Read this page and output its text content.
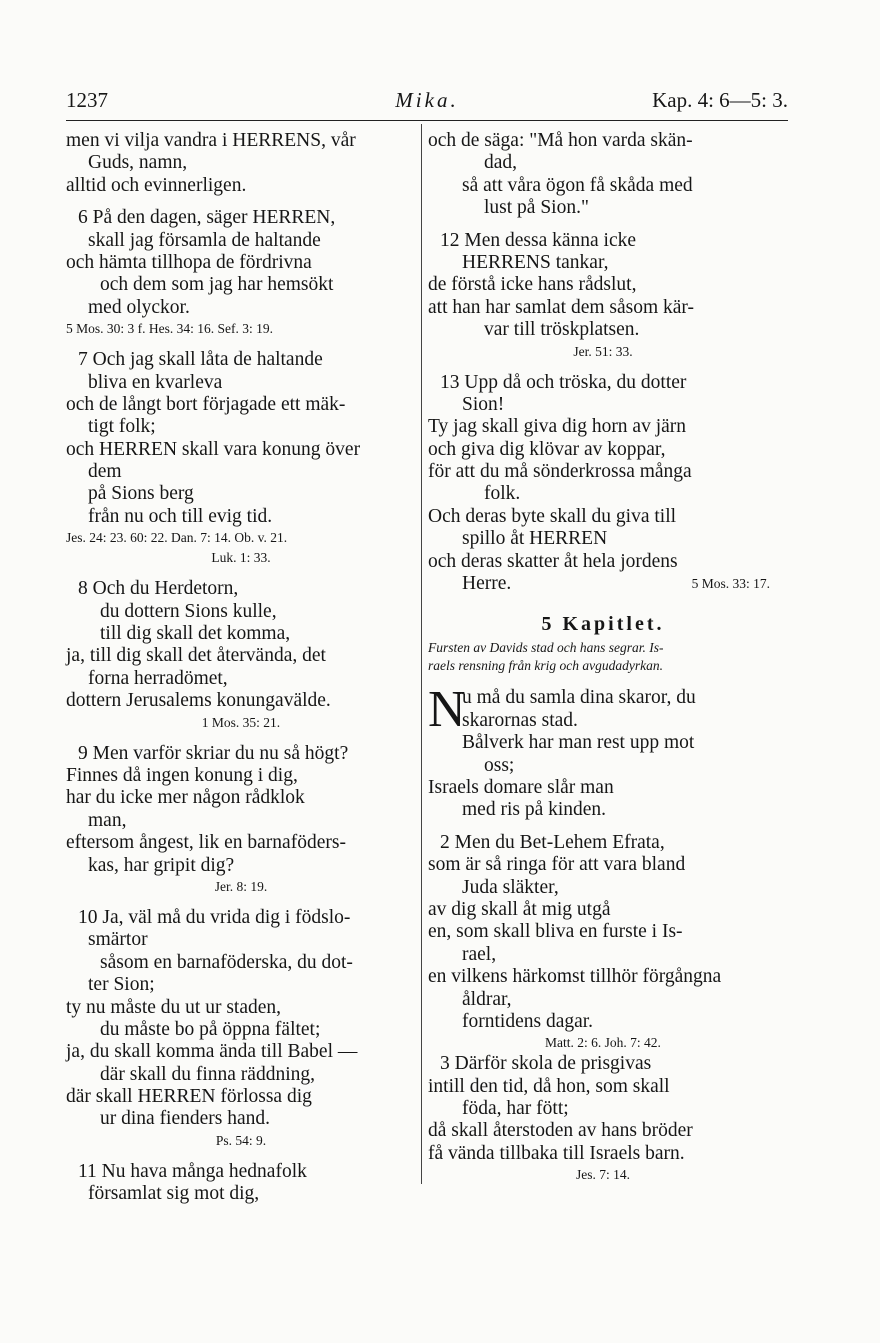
1237	Mika.	Kap. 4: 6—5: 3.
men vi vilja vandra i HERRENS, vår
Guds, namn,
alltid och evinnerligen.
6 På den dagen, säger HERREN,
skall jag församla de haltande
och hämta tillhopa de fördrivna
och dem som jag har hemsökt
med olyckor.
5 Mos. 30: 3 f. Hes. 34: 16. Sef. 3: 19.
7 Och jag skall låta de haltande
bliva en kvarleva
och de långt bort förjagade ett mäk-
tigt folk;
och HERREN skall vara konung över
dem
på Sions berg
från nu och till evig tid.
Jes. 24: 23. 60: 22. Dan. 7: 14. Ob. v. 21.
Luk. 1: 33.
8 Och du Herdetorn,
du dottern Sions kulle,
till dig skall det komma,
ja, till dig skall det återvända, det
forna herradömet,
dottern Jerusalems konungavälde.
1 Mos. 35: 21.
9 Men varför skriar du nu så högt?
Finnes då ingen konung i dig,
har du icke mer någon rådklok
man,
eftersom ångest, lik en barnaföders-
kas, har gripit dig?
Jer. 8: 19.
10 Ja, väl må du vrida dig i födslo-
smärtor
såsom en barnaföderska, du dot-
ter Sion;
ty nu måste du ut ur staden,
du måste bo på öppna fältet;
ja, du skall komma ända till Babel —
där skall du finna räddning,
där skall HERREN förlossa dig
ur dina fienders hand.
Ps. 54: 9.
11 Nu hava många hednafolk
församlat sig mot dig,
och de säga: "Må hon varda skän-
dad,
så att våra ögon få skåda med
lust på Sion."
12 Men dessa känna icke
HERRENS tankar,
de förstå icke hans rådslut,
att han har samlat dem såsom kär-
var till tröskplatsen.
Jer. 51: 33.
13 Upp då och tröska, du dotter
Sion!
Ty jag skall giva dig horn av järn
och giva dig klövar av koppar,
för att du må sönderkrossa många
folk.
Och deras byte skall du giva till
spillo åt HERREN
och deras skatter åt hela jordens
Herre.	5 Mos. 33: 17.
5 Kapitlet.
Fursten av Davids stad och hans segrar. Is-
raels rensning från krig och avgudadyrkan.
N
u må du samla dina skaror, du
skarornas stad.
Bålverk har man rest upp mot
oss;
Israels domare slår man
med ris på kinden.
2 Men du Bet-Lehem Efrata,
som är så ringa för att vara bland
Juda släkter,
av dig skall åt mig utgå
en, som skall bliva en furste i Is-
rael,
en vilkens härkomst tillhör förgångna
åldrar,
forntidens dagar.
Matt. 2: 6. Joh. 7: 42.
3 Därför skola de prisgivas
intill den tid, då hon, som skall
föda, har fött;
då skall återstoden av hans bröder
få vända tillbaka till Israels barn.
Jes. 7: 14.
